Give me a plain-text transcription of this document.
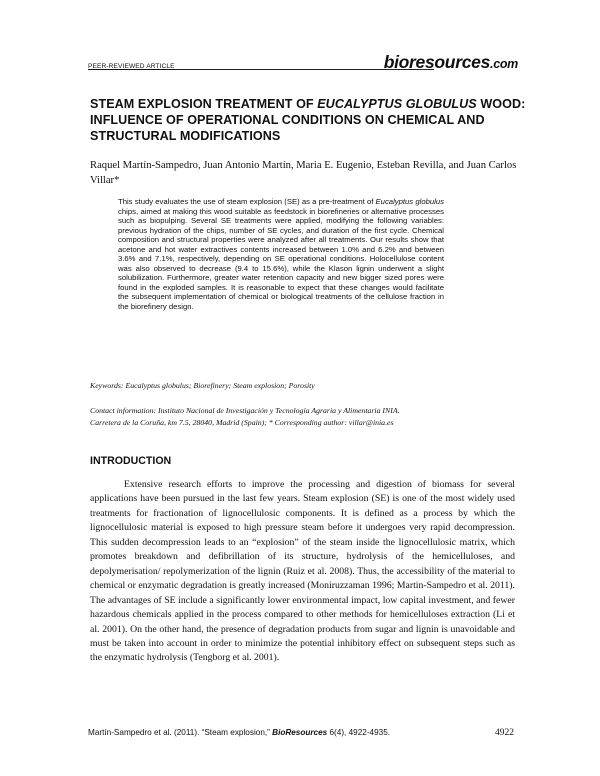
PEER-REVIEWED ARTICLE	bioresources.com
STEAM EXPLOSION TREATMENT OF EUCALYPTUS GLOBULUS WOOD: INFLUENCE OF OPERATIONAL CONDITIONS ON CHEMICAL AND STRUCTURAL MODIFICATIONS

Raquel Martín-Sampedro, Juan Antonio Martín, Maria E. Eugenio, Esteban Revilla, and Juan Carlos Villar*

This study evaluates the use of steam explosion (SE) as a pre-treatment of Eucalyptus globulus chips, aimed at making this wood suitable as feedstock in biorefineries or alternative processes such as biopulping. Several SE treatments were applied, modifying the following variables: previous hydration of the chips, number of SE cycles, and duration of the first cycle. Chemical composition and structural properties were analyzed after all treatments. Our results show that acetone and hot water extractives contents increased between 1.0% and 6.2% and between 3.6% and 7.1%, respectively, depending on SE operational conditions. Holocellulose content was also observed to decrease (9.4 to 15.6%), while the Klason lignin underwent a slight solubilization. Furthermore, greater water retention capacity and new bigger sized pores were found in the exploded samples. It is reasonable to expect that these changes would facilitate the subsequent implementation of chemical or biological treatments of the cellulose fraction in the biorefinery design.

Keywords: Eucalyptus globulus; Biorefinery; Steam explosion; Porosity

Contact information: Instituto Nacional de Investigación y Tecnología Agraria y Alimentaria INIA.
Carretera de la Coruña, km 7.5, 28040, Madrid (Spain); * Corresponding author: villar@inia.es

INTRODUCTION

Extensive research efforts to improve the processing and digestion of biomass for several applications have been pursued in the last few years. Steam explosion (SE) is one of the most widely used treatments for fractionation of lignocellulosic components. It is defined as a process by which the lignocellulosic material is exposed to high pressure steam before it undergoes very rapid decompression. This sudden decompression leads to an “explosion” of the steam inside the lignocellulosic matrix, which promotes breakdown and defibrillation of its structure, hydrolysis of the hemicelluloses, and depolymerisation/ repolymerization of the lignin (Ruiz et al. 2008). Thus, the accessibility of the material to chemical or enzymatic degradation is greatly increased (Moniruzzaman 1996; Martin-Sampedro et al. 2011). The advantages of SE include a significantly lower environmental impact, low capital investment, and fewer hazardous chemicals applied in the process compared to other methods for hemicelluloses extraction (Li et al. 2001). On the other hand, the presence of degradation products from sugar and lignin is unavoidable and must be taken into account in order to minimize the potential inhibitory effect on subsequent steps such as the enzymatic hydrolysis (Tengborg et al. 2001).

Martín-Sampedro et al. (2011). “Steam explosion,” BioResources 6(4), 4922-4935.	4922
